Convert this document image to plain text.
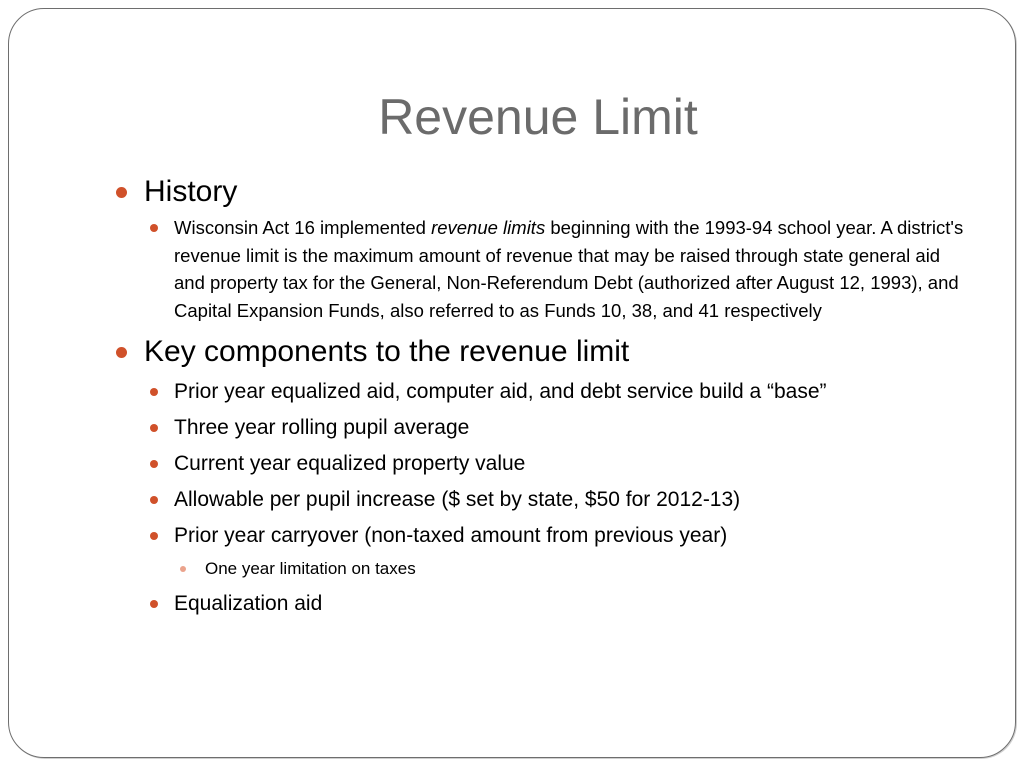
Revenue Limit
History
Wisconsin Act 16 implemented revenue limits beginning with the 1993-94 school year. A district's revenue limit is the maximum amount of revenue that may be raised through state general aid and property tax for the General, Non-Referendum Debt (authorized after August 12, 1993), and Capital Expansion Funds, also referred to as Funds 10, 38, and 41 respectively
Key components to the revenue limit
Prior year equalized aid, computer aid, and debt service build a “base”
Three year rolling pupil average
Current year equalized property value
Allowable per pupil increase ($ set by state, $50 for 2012-13)
Prior year carryover (non-taxed amount from previous year)
One year limitation on taxes
Equalization aid
